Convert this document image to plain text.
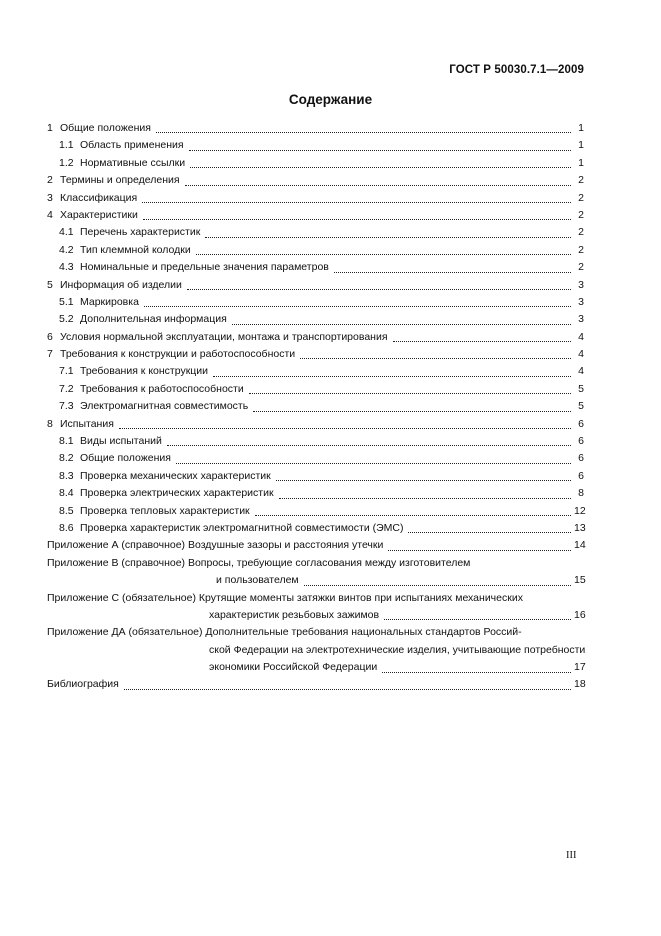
ГОСТ Р 50030.7.1—2009
Содержание
1 Общие положения	1
1.1 Область применения	1
1.2 Нормативные ссылки	1
2 Термины и определения	2
3 Классификация	2
4 Характеристики	2
4.1 Перечень характеристик	2
4.2 Тип клеммной колодки	2
4.3 Номинальные и предельные значения параметров	2
5 Информация об изделии	3
5.1 Маркировка	3
5.2 Дополнительная информация	3
6 Условия нормальной эксплуатации, монтажа и транспортирования	4
7 Требования к конструкции и работоспособности	4
7.1 Требования к конструкции	4
7.2 Требования к работоспособности	5
7.3 Электромагнитная совместимость	5
8 Испытания	6
8.1 Виды испытаний	6
8.2 Общие положения	6
8.3 Проверка механических характеристик	6
8.4 Проверка электрических характеристик	8
8.5 Проверка тепловых характеристик	12
8.6 Проверка характеристик электромагнитной совместимости (ЭМС)	13
Приложение А (справочное) Воздушные зазоры и расстояния утечки	14
Приложение В (справочное) Вопросы, требующие согласования между изготовителем
и пользователем	15
Приложение С (обязательное) Крутящие моменты затяжки винтов при испытаниях механических
характеристик резьбовых зажимов	16
Приложение ДА (обязательное) Дополнительные требования национальных стандартов Россий-
ской Федерации на электротехнические изделия, учитывающие потребности
экономики Российской Федерации	17
Библиография	18
III
